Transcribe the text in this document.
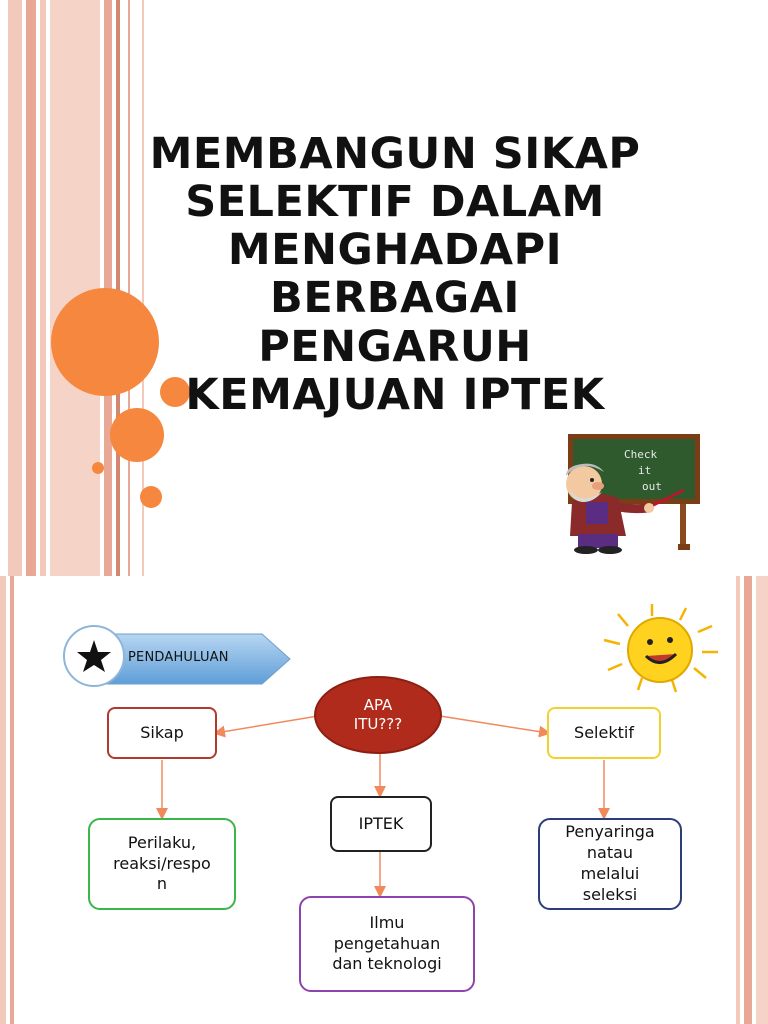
MEMBANGUN SIKAP
SELEKTIF DALAM
MENGHADAPI
BERBAGAI PENGARUH
KEMAJUAN IPTEK
Check
it
out
PENDAHULUAN
APA
ITU???
Sikap	Selektif
IPTEK
Perilaku,
reaksi/respo
n
Penyaringa
natau
melalui
seleksi
Ilmu
pengetahuan
dan teknologi
